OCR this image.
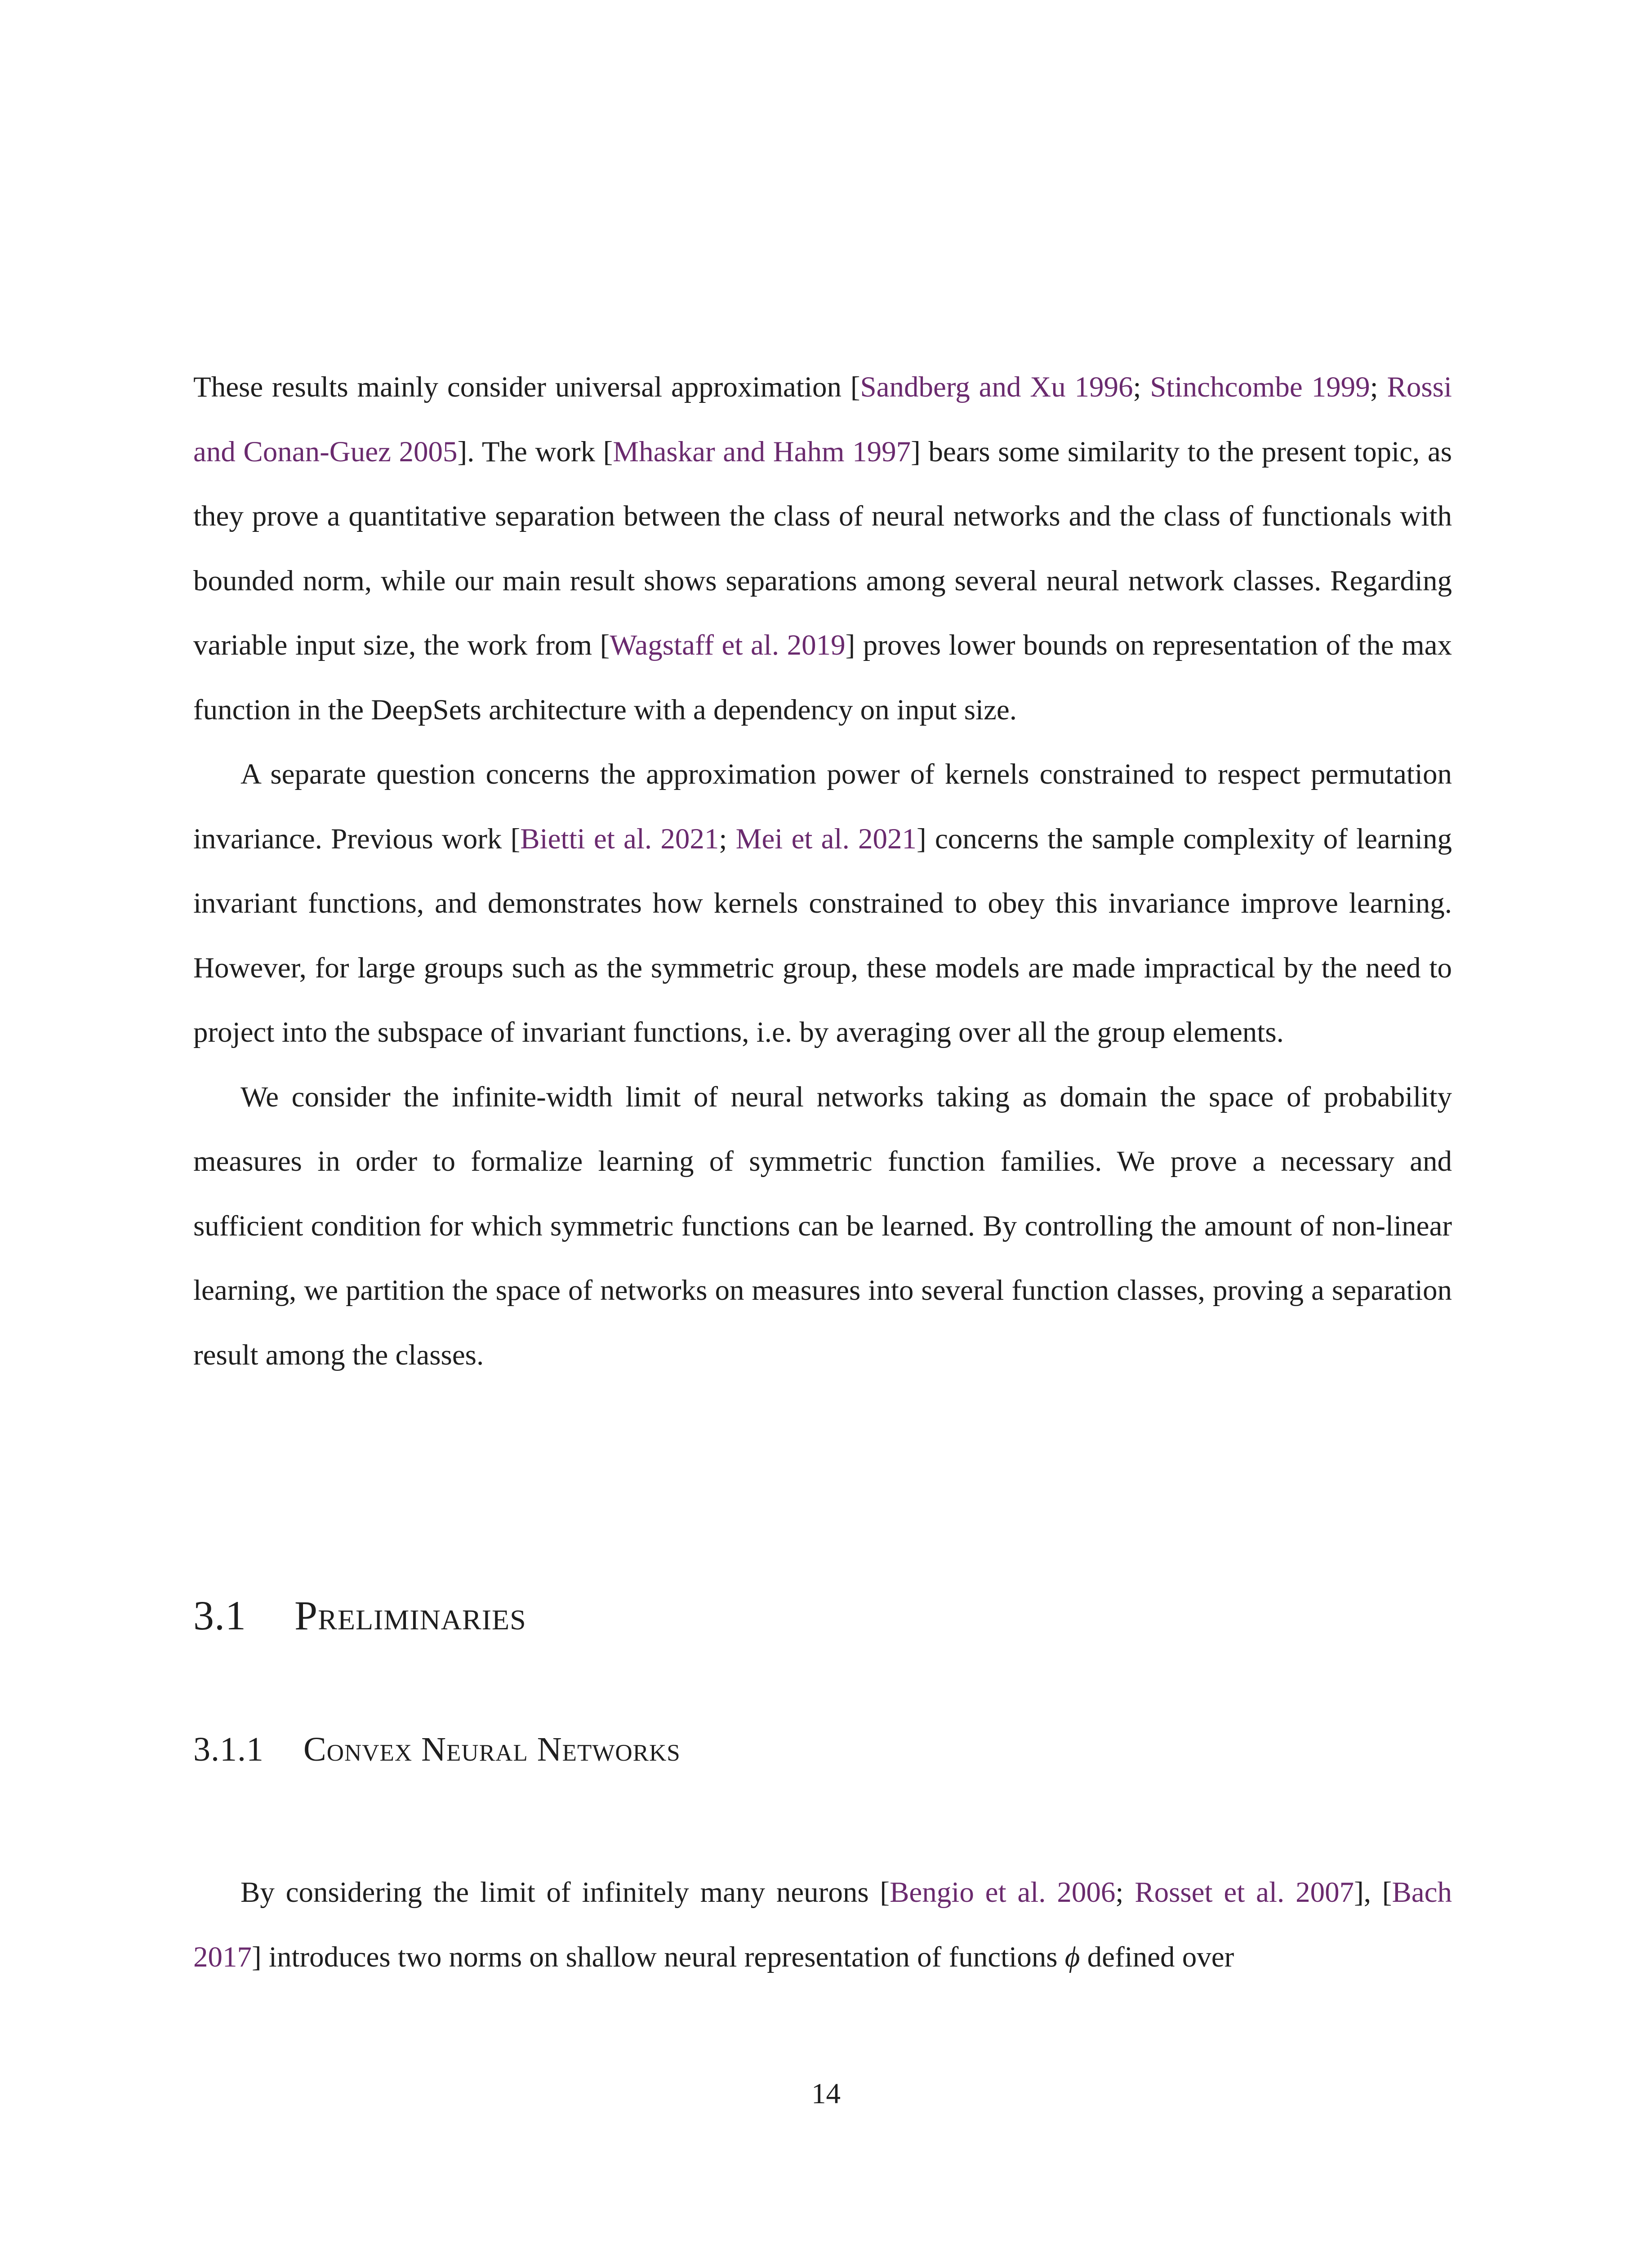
These results mainly consider universal approximation [Sandberg and Xu 1996; Stinchcombe 1999; Rossi and Conan-Guez 2005]. The work [Mhaskar and Hahm 1997] bears some similarity to the present topic, as they prove a quantitative separation between the class of neural networks and the class of functionals with bounded norm, while our main result shows separations among several neural network classes. Regarding variable input size, the work from [Wagstaff et al. 2019] proves lower bounds on representation of the max function in the DeepSets architecture with a dependency on input size.

A separate question concerns the approximation power of kernels constrained to respect permutation invariance. Previous work [Bietti et al. 2021; Mei et al. 2021] concerns the sample complexity of learning invariant functions, and demonstrates how kernels constrained to obey this invariance improve learning. However, for large groups such as the symmetric group, these models are made impractical by the need to project into the subspace of invariant functions, i.e. by averaging over all the group elements.

We consider the infinite-width limit of neural networks taking as domain the space of probability measures in order to formalize learning of symmetric function families. We prove a necessary and sufficient condition for which symmetric functions can be learned. By controlling the amount of non-linear learning, we partition the space of networks on measures into several function classes, proving a separation result among the classes.

3.1 Preliminaries
3.1.1 Convex Neural Networks

By considering the limit of infinitely many neurons [Bengio et al. 2006; Rosset et al. 2007], [Bach 2017] introduces two norms on shallow neural representation of functions ϕ defined over

14
